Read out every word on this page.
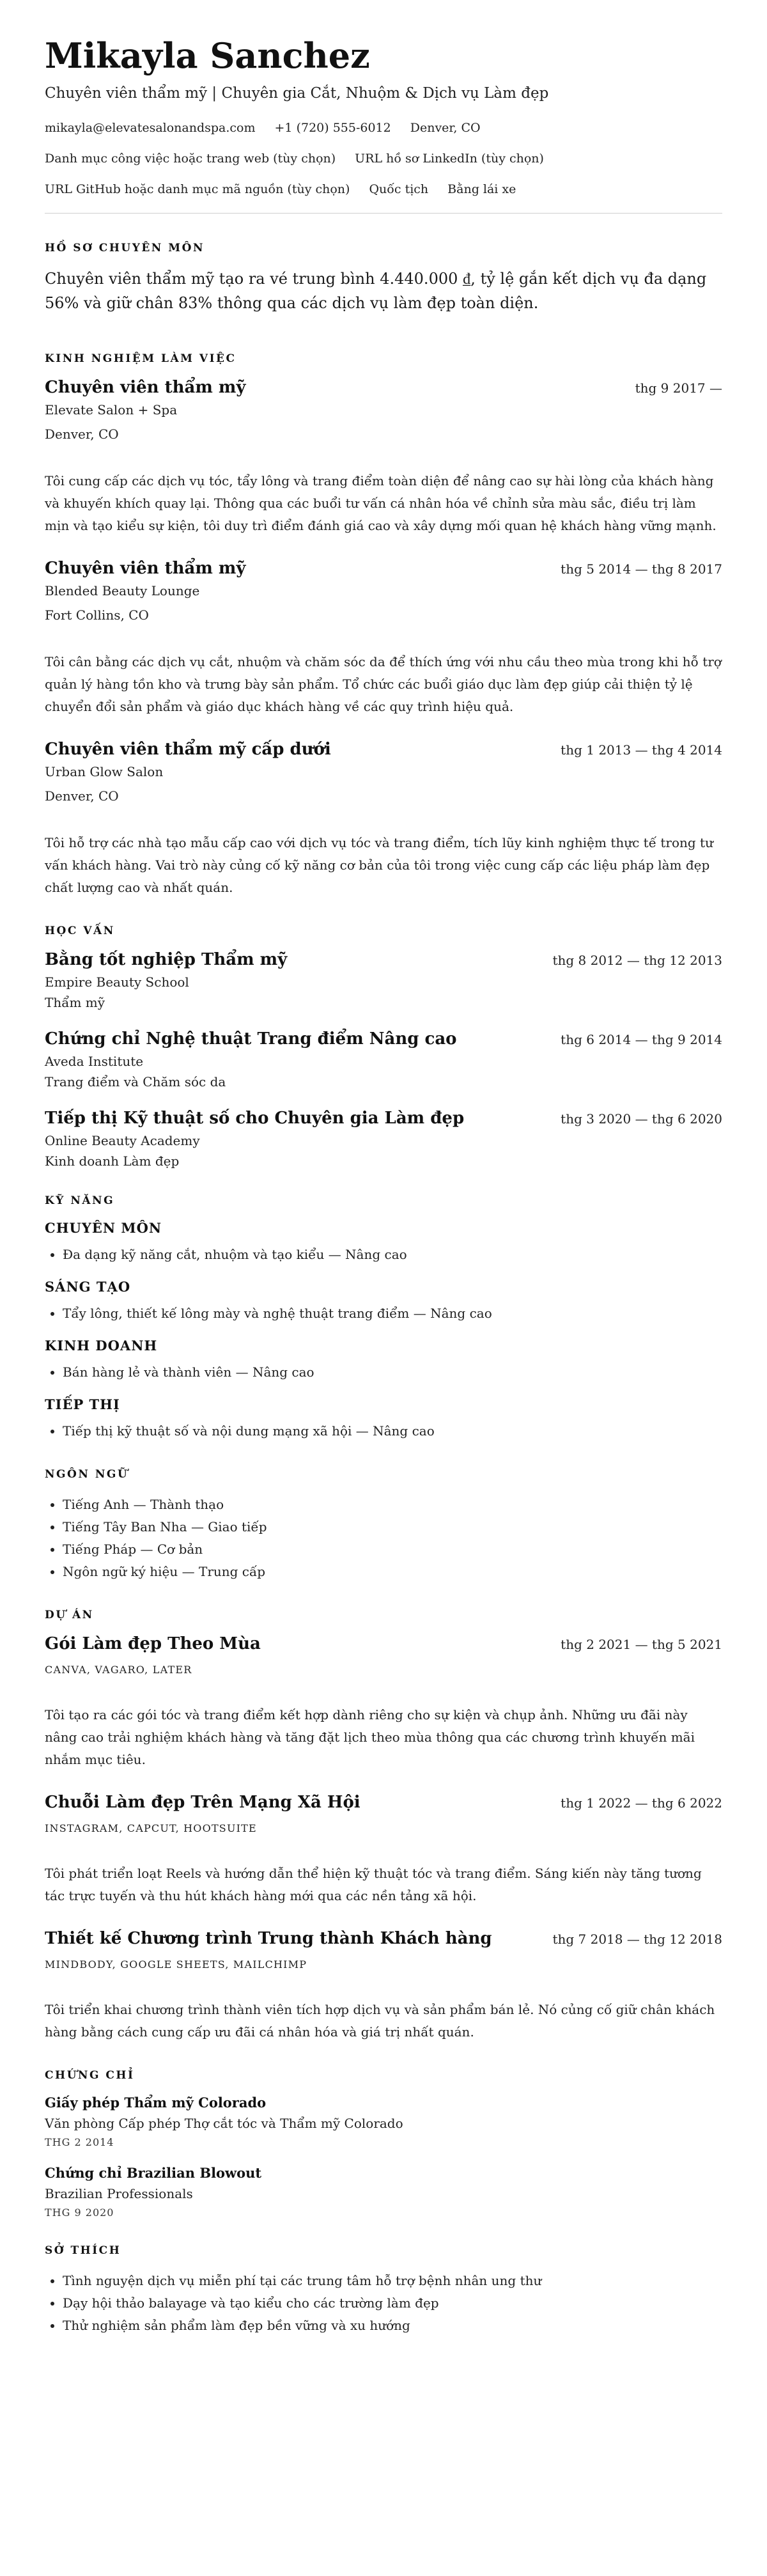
Mikayla Sanchez
Chuyên viên thẩm mỹ | Chuyên gia Cắt, Nhuộm & Dịch vụ Làm đẹp
mikayla@elevatesalonandspa.com +1 (720) 555-6012 Denver, CO
Danh mục công việc hoặc trang web (tùy chọn) URL hồ sơ LinkedIn (tùy chọn)
URL GitHub hoặc danh mục mã nguồn (tùy chọn) Quốc tịch Bằng lái xe
HỒ SƠ CHUYÊN MÔN

Chuyên viên thẩm mỹ tạo ra vé trung bình 4.440.000 ₫, tỷ lệ gắn kết dịch vụ đa dạng 56% và giữ chân 83% thông qua các dịch vụ làm đẹp toàn diện.

KINH NGHIỆM LÀM VIỆC
Chuyên viên thẩm mỹ	thg 9 2017 —
Elevate Salon + Spa
Denver, CO
Tôi cung cấp các dịch vụ tóc, tẩy lông và trang điểm toàn diện để nâng cao sự hài lòng của khách hàng và khuyến khích quay lại. Thông qua các buổi tư vấn cá nhân hóa về chỉnh sửa màu sắc, điều trị làm mịn và tạo kiểu sự kiện, tôi duy trì điểm đánh giá cao và xây dựng mối quan hệ khách hàng vững mạnh.
Chuyên viên thẩm mỹ	thg 5 2014 — thg 8 2017
Blended Beauty Lounge
Fort Collins, CO
Tôi cân bằng các dịch vụ cắt, nhuộm và chăm sóc da để thích ứng với nhu cầu theo mùa trong khi hỗ trợ quản lý hàng tồn kho và trưng bày sản phẩm. Tổ chức các buổi giáo dục làm đẹp giúp cải thiện tỷ lệ chuyển đổi sản phẩm và giáo dục khách hàng về các quy trình hiệu quả.
Chuyên viên thẩm mỹ cấp dưới	thg 1 2013 — thg 4 2014
Urban Glow Salon
Denver, CO
Tôi hỗ trợ các nhà tạo mẫu cấp cao với dịch vụ tóc và trang điểm, tích lũy kinh nghiệm thực tế trong tư vấn khách hàng. Vai trò này củng cố kỹ năng cơ bản của tôi trong việc cung cấp các liệu pháp làm đẹp chất lượng cao và nhất quán.
HỌC VẤN
Bằng tốt nghiệp Thẩm mỹ	thg 8 2012 — thg 12 2013
Empire Beauty School
Thẩm mỹ
Chứng chỉ Nghệ thuật Trang điểm Nâng cao	thg 6 2014 — thg 9 2014
Aveda Institute
Trang điểm và Chăm sóc da
Tiếp thị Kỹ thuật số cho Chuyên gia Làm đẹp	thg 3 2020 — thg 6 2020
Online Beauty Academy
Kinh doanh Làm đẹp
KỸ NĂNG
CHUYÊN MÔN
• Đa dạng kỹ năng cắt, nhuộm và tạo kiểu — Nâng cao
SÁNG TẠO
• Tẩy lông, thiết kế lông mày và nghệ thuật trang điểm — Nâng cao
KINH DOANH
• Bán hàng lẻ và thành viên — Nâng cao
TIẾP THỊ
• Tiếp thị kỹ thuật số và nội dung mạng xã hội — Nâng cao
NGÔN NGỮ
• Tiếng Anh — Thành thạo
• Tiếng Tây Ban Nha — Giao tiếp
• Tiếng Pháp — Cơ bản
• Ngôn ngữ ký hiệu — Trung cấp
DỰ ÁN
Gói Làm đẹp Theo Mùa	thg 2 2021 — thg 5 2021
CANVA, VAGARO, LATER
Tôi tạo ra các gói tóc và trang điểm kết hợp dành riêng cho sự kiện và chụp ảnh. Những ưu đãi này nâng cao trải nghiệm khách hàng và tăng đặt lịch theo mùa thông qua các chương trình khuyến mãi nhắm mục tiêu.
Chuỗi Làm đẹp Trên Mạng Xã Hội	thg 1 2022 — thg 6 2022
INSTAGRAM, CAPCUT, HOOTSUITE
Tôi phát triển loạt Reels và hướng dẫn thể hiện kỹ thuật tóc và trang điểm. Sáng kiến này tăng tương tác trực tuyến và thu hút khách hàng mới qua các nền tảng xã hội.
Thiết kế Chương trình Trung thành Khách hàng	thg 7 2018 — thg 12 2018
MINDBODY, GOOGLE SHEETS, MAILCHIMP
Tôi triển khai chương trình thành viên tích hợp dịch vụ và sản phẩm bán lẻ. Nó củng cố giữ chân khách hàng bằng cách cung cấp ưu đãi cá nhân hóa và giá trị nhất quán.
CHỨNG CHỈ
Giấy phép Thẩm mỹ Colorado
Văn phòng Cấp phép Thợ cắt tóc và Thẩm mỹ Colorado
THG 2 2014
Chứng chỉ Brazilian Blowout
Brazilian Professionals
THG 9 2020
SỞ THÍCH
• Tình nguyện dịch vụ miễn phí tại các trung tâm hỗ trợ bệnh nhân ung thư
• Dạy hội thảo balayage và tạo kiểu cho các trường làm đẹp
• Thử nghiệm sản phẩm làm đẹp bền vững và xu hướng
